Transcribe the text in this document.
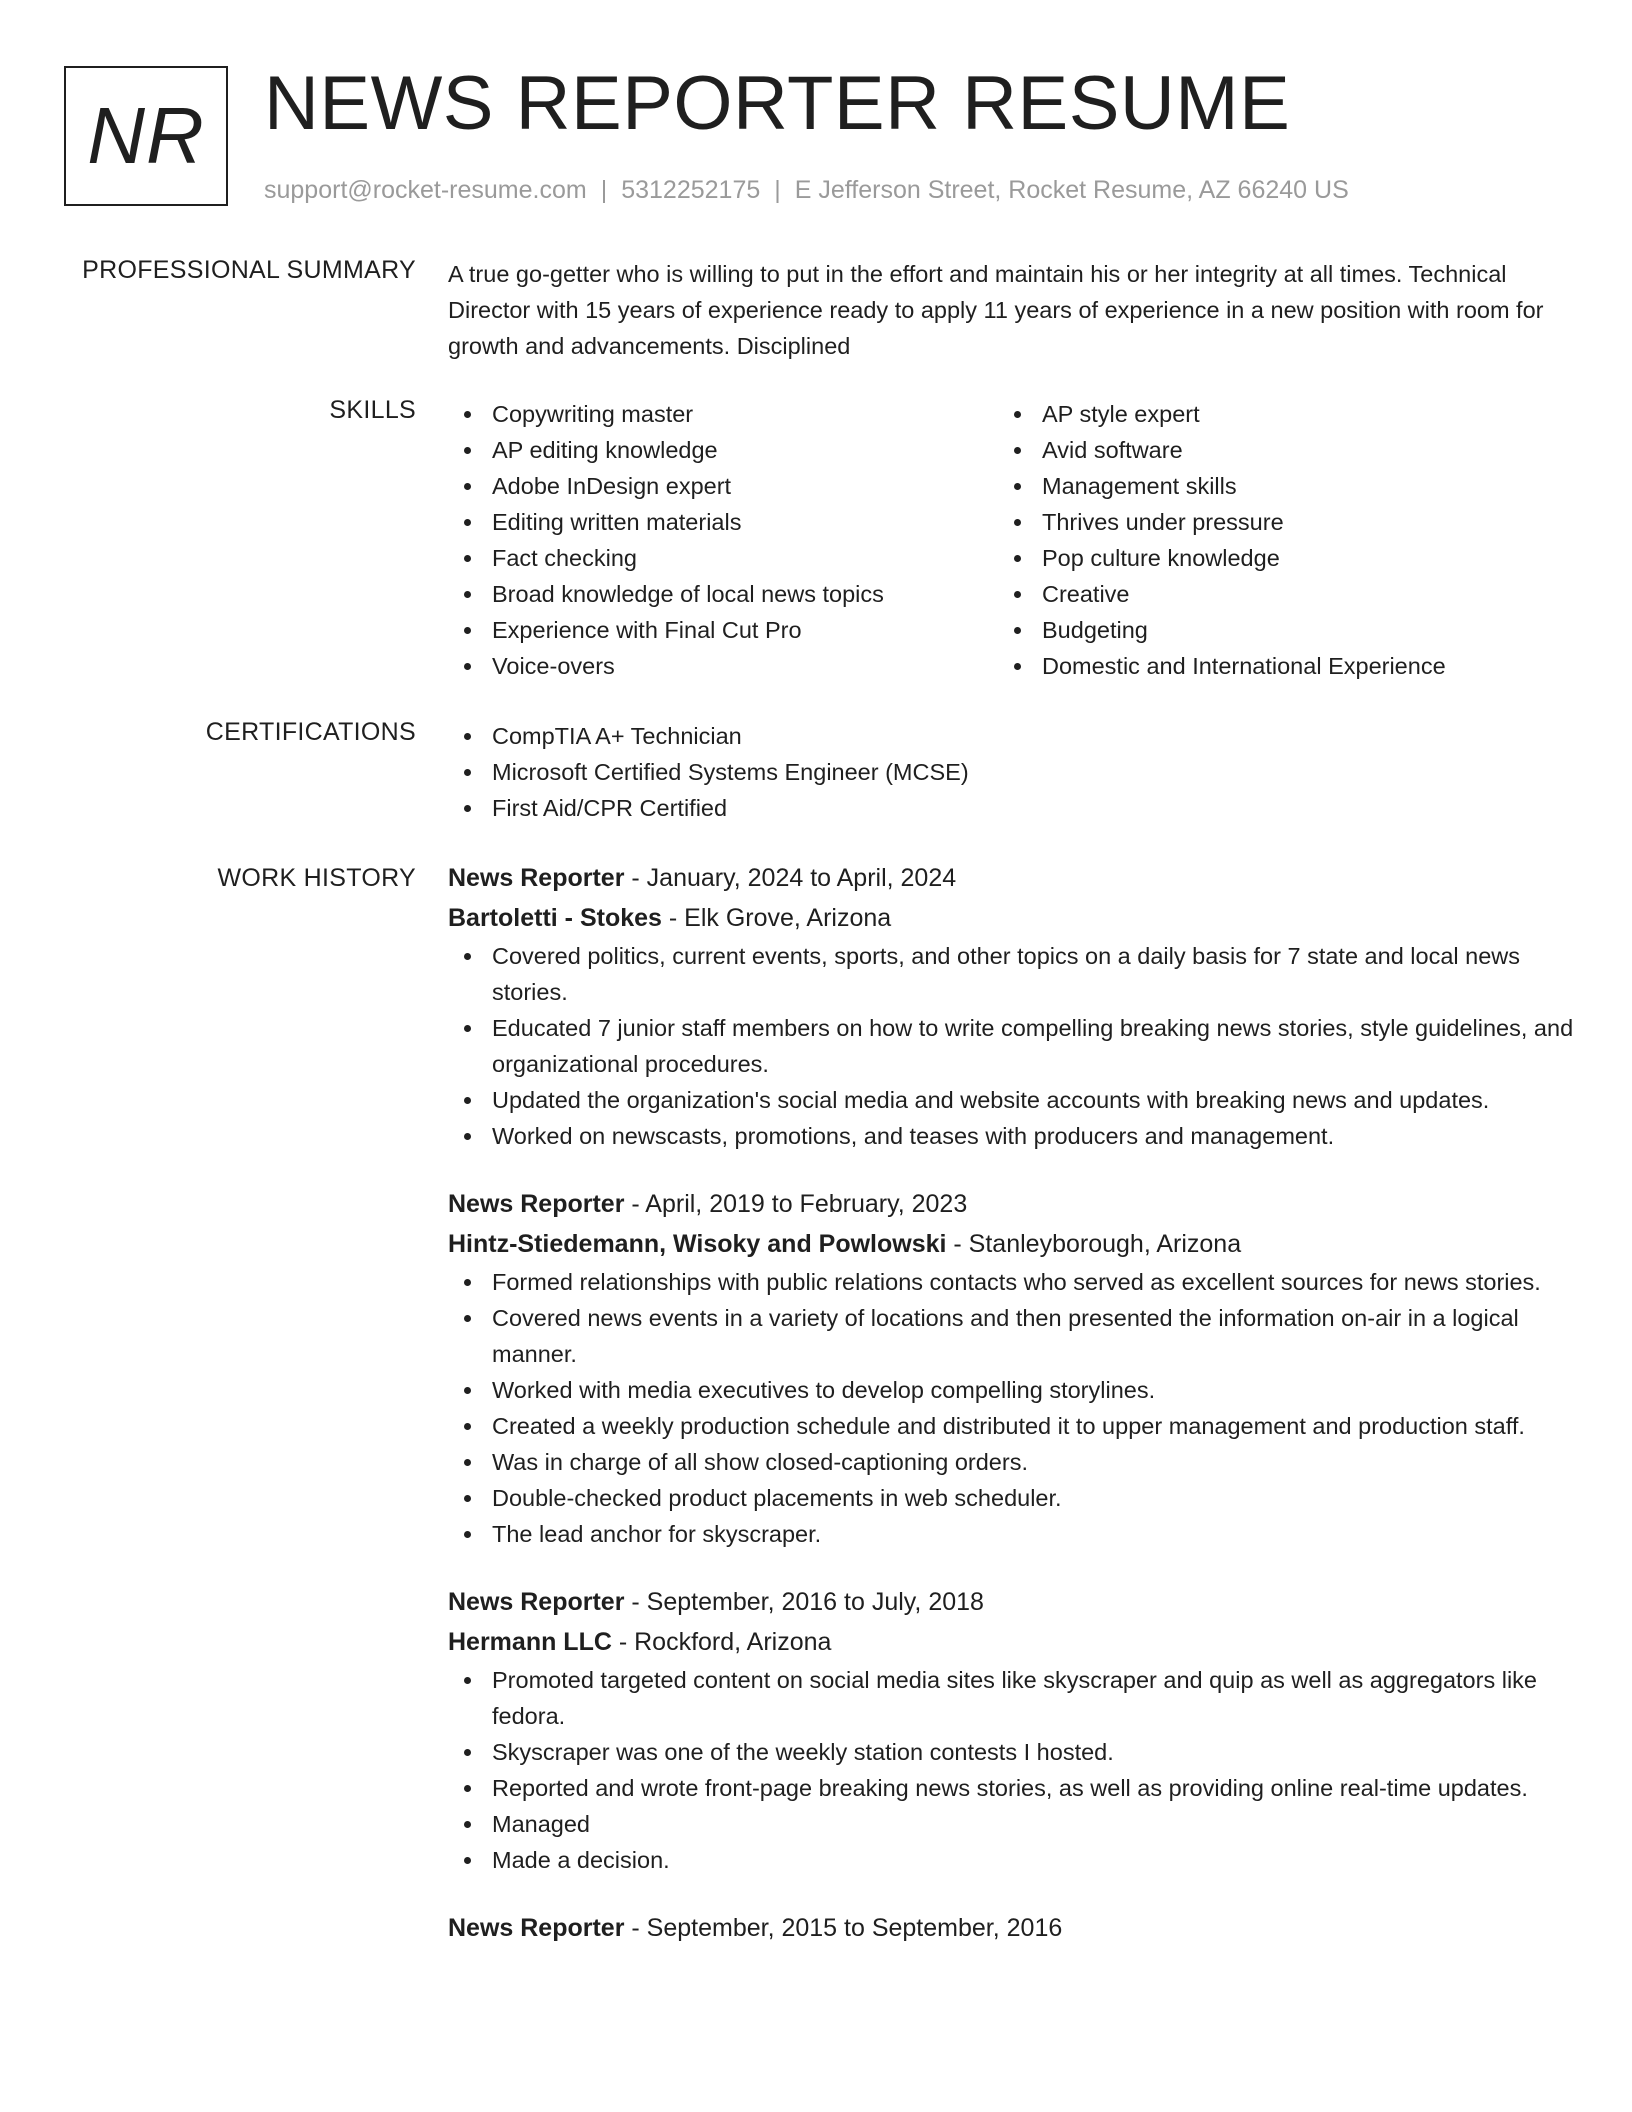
NR NEWS REPORTER RESUME
support@rocket-resume.com | 5312252175 | E Jefferson Street, Rocket Resume, AZ 66240 US
PROFESSIONAL SUMMARY A true go-getter who is willing to put in the effort and maintain his or her integrity at all times. Technical Director with 15 years of experience ready to apply 11 years of experience in a new position with room for growth and advancements. Disciplined

SKILLS	Copywriting master
AP editing knowledge
Adobe InDesign expert
Editing written materials
Fact checking
Broad knowledge of local news topics
Experience with Final Cut Pro
Voice-overs
AP style expert
Avid software
Management skills
Thrives under pressure
Pop culture knowledge
Creative
Budgeting
Domestic and International Experience
CERTIFICATIONS	CompTIA A+ Technician
Microsoft Certified Systems Engineer (MCSE)
First Aid/CPR Certified
WORK HISTORY News Reporter - January, 2024 to April, 2024
Bartoletti - Stokes - Elk Grove, Arizona
Covered politics, current events, sports, and other topics on a daily basis for 7 state and local news stories.
Educated 7 junior staff members on how to write compelling breaking news stories, style guidelines, and organizational procedures.
Updated the organization's social media and website accounts with breaking news and updates.
Worked on newscasts, promotions, and teases with producers and management.
News Reporter - April, 2019 to February, 2023
Hintz-Stiedemann, Wisoky and Powlowski - Stanleyborough, Arizona
Formed relationships with public relations contacts who served as excellent sources for news stories.
Covered news events in a variety of locations and then presented the information on-air in a logical manner.
Worked with media executives to develop compelling storylines.
Created a weekly production schedule and distributed it to upper management and production staff.
Was in charge of all show closed-captioning orders.
Double-checked product placements in web scheduler.
The lead anchor for skyscraper.
News Reporter - September, 2016 to July, 2018
Hermann LLC - Rockford, Arizona
Promoted targeted content on social media sites like skyscraper and quip as well as aggregators like fedora.
Skyscraper was one of the weekly station contests I hosted.
Reported and wrote front-page breaking news stories, as well as providing online real-time updates.
Managed
Made a decision.
News Reporter - September, 2015 to September, 2016
